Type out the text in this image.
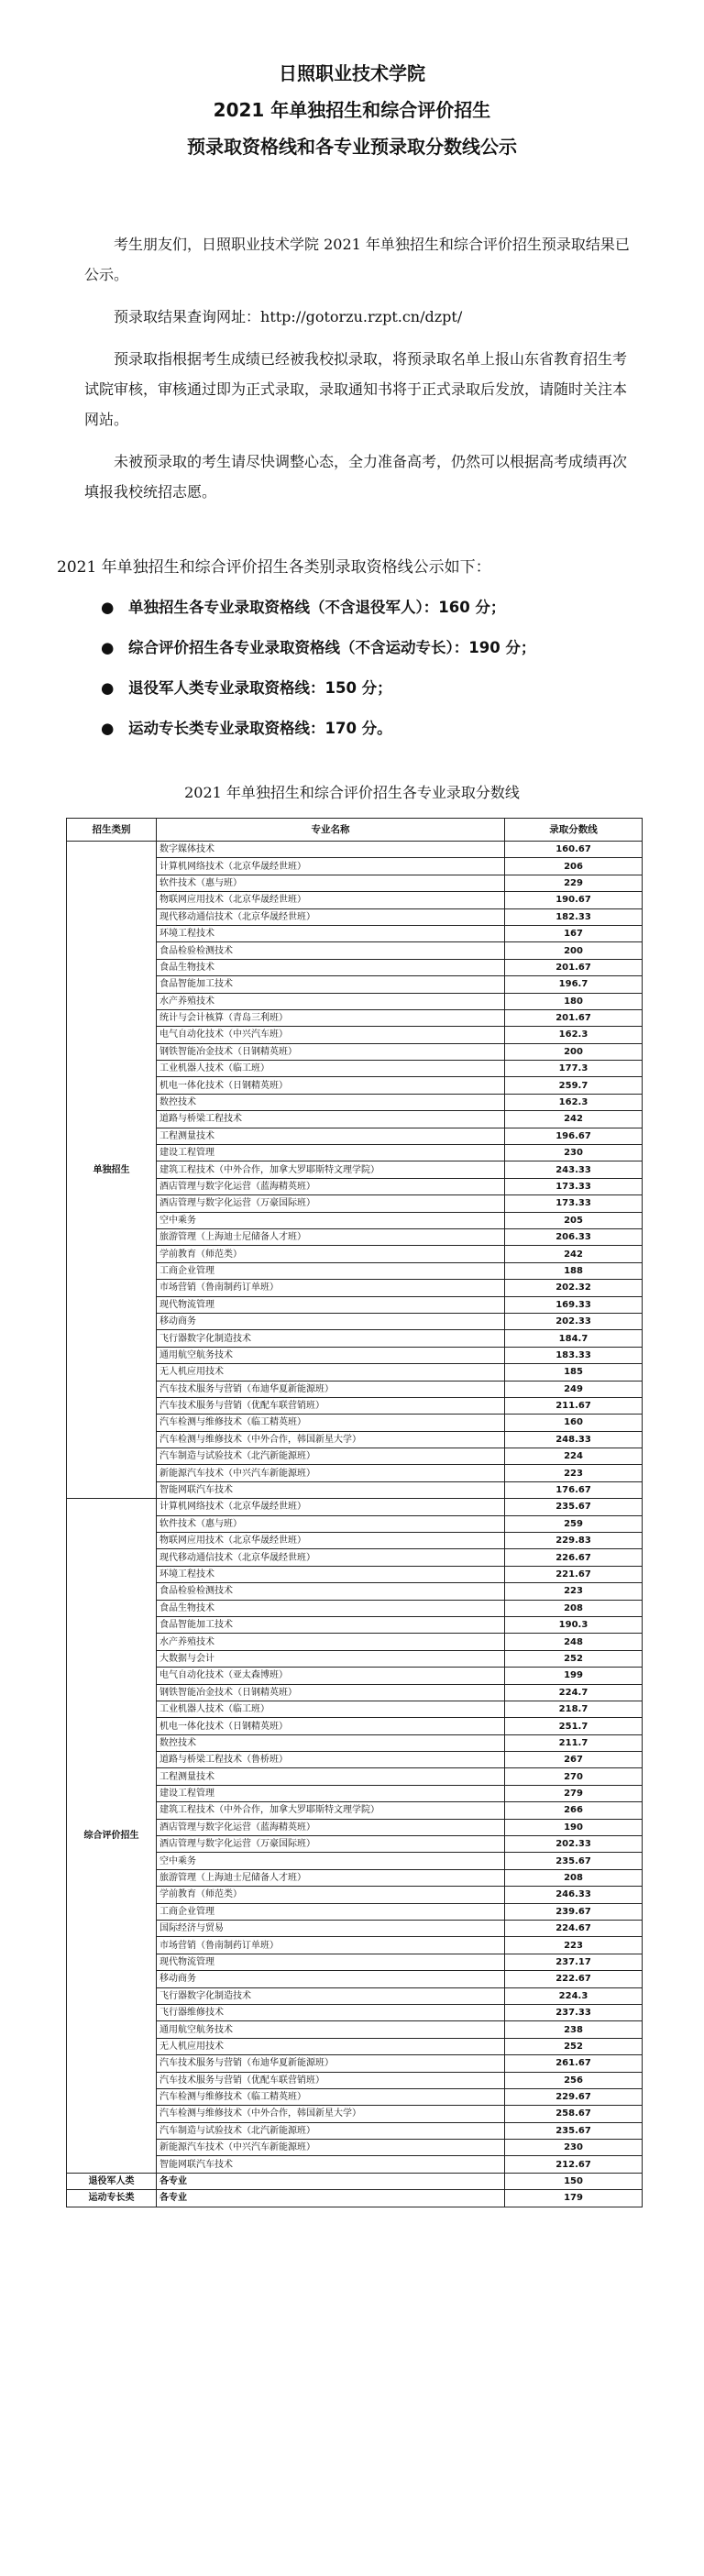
日照职业技术学院
2021 年单独招生和综合评价招生
预录取资格线和各专业预录取分数线公示

考生朋友们，日照职业技术学院 2021 年单独招生和综合评价招生预录取结果已公示。

预录取结果查询网址：http://gotorzu.rzpt.cn/dzpt/

预录取指根据考生成绩已经被我校拟录取，将预录取名单上报山东省教育招生考试院审核，审核通过即为正式录取，录取通知书将于正式录取后发放，请随时关注本网站。

未被预录取的考生请尽快调整心态，全力准备高考，仍然可以根据高考成绩再次填报我校统招志愿。

2021 年单独招生和综合评价招生各类别录取资格线公示如下：
● 单独招生各专业录取资格线（不含退役军人）：160 分；
● 综合评价招生各专业录取资格线（不含运动专长）：190 分；
● 退役军人类专业录取资格线：150 分；
● 运动专长类专业录取资格线：170 分。
2021 年单独招生和综合评价招生各专业录取分数线
招生类别	专业名称	录取分数线
单独招生	数字媒体技术	160.67
	计算机网络技术（北京华晟经世班）	206
	软件技术（惠与班）	229
	物联网应用技术（北京华晟经世班）	190.67
	现代移动通信技术（北京华晟经世班）	182.33
	环境工程技术	167
	食品检验检测技术	200
	食品生物技术	201.67
	食品智能加工技术	196.7
	水产养殖技术	180
	统计与会计核算（青岛三利班）	201.67
	电气自动化技术（中兴汽车班）	162.3
	钢铁智能冶金技术（日钢精英班）	200
	工业机器人技术（临工班）	177.3
	机电一体化技术（日钢精英班）	259.7
	数控技术	162.3
	道路与桥梁工程技术	242
	工程测量技术	196.67
	建设工程管理	230
	建筑工程技术（中外合作，加拿大罗耶斯特文理学院）	243.33
	酒店管理与数字化运营（蓝海精英班）	173.33
	酒店管理与数字化运营（万豪国际班）	173.33
	空中乘务	205
	旅游管理（上海迪士尼储备人才班）	206.33
	学前教育（师范类）	242
	工商企业管理	188
	市场营销（鲁南制药订单班）	202.32
	现代物流管理	169.33
	移动商务	202.33
	飞行器数字化制造技术	184.7
	通用航空航务技术	183.33
	无人机应用技术	185
	汽车技术服务与营销（布迪华夏新能源班）	249
	汽车技术服务与营销（优配车联营销班）	211.67
	汽车检测与维修技术（临工精英班）	160
	汽车检测与维修技术（中外合作，韩国新星大学）	248.33
	汽车制造与试验技术（北汽新能源班）	224
	新能源汽车技术（中兴汽车新能源班）	223
	智能网联汽车技术	176.67
综合评价招生	计算机网络技术（北京华晟经世班）	235.67
	软件技术（惠与班）	259
	物联网应用技术（北京华晟经世班）	229.83
	现代移动通信技术（北京华晟经世班）	226.67
	环境工程技术	221.67
	食品检验检测技术	223
	食品生物技术	208
	食品智能加工技术	190.3
	水产养殖技术	248
	大数据与会计	252
	电气自动化技术（亚太森博班）	199
	钢铁智能冶金技术（日钢精英班）	224.7
	工业机器人技术（临工班）	218.7
	机电一体化技术（日钢精英班）	251.7
	数控技术	211.7
	道路与桥梁工程技术（鲁桥班）	267
	工程测量技术	270
	建设工程管理	279
	建筑工程技术（中外合作，加拿大罗耶斯特文理学院）	266
	酒店管理与数字化运营（蓝海精英班）	190
	酒店管理与数字化运营（万豪国际班）	202.33
	空中乘务	235.67
	旅游管理（上海迪士尼储备人才班）	208
	学前教育（师范类）	246.33
	工商企业管理	239.67
	国际经济与贸易	224.67
	市场营销（鲁南制药订单班）	223
	现代物流管理	237.17
	移动商务	222.67
	飞行器数字化制造技术	224.3
	飞行器维修技术	237.33
	通用航空航务技术	238
	无人机应用技术	252
	汽车技术服务与营销（布迪华夏新能源班）	261.67
	汽车技术服务与营销（优配车联营销班）	256
	汽车检测与维修技术（临工精英班）	229.67
	汽车检测与维修技术（中外合作，韩国新星大学）	258.67
	汽车制造与试验技术（北汽新能源班）	235.67
	新能源汽车技术（中兴汽车新能源班）	230
	智能网联汽车技术	212.67
退役军人类	各专业	150
运动专长类	各专业	179
